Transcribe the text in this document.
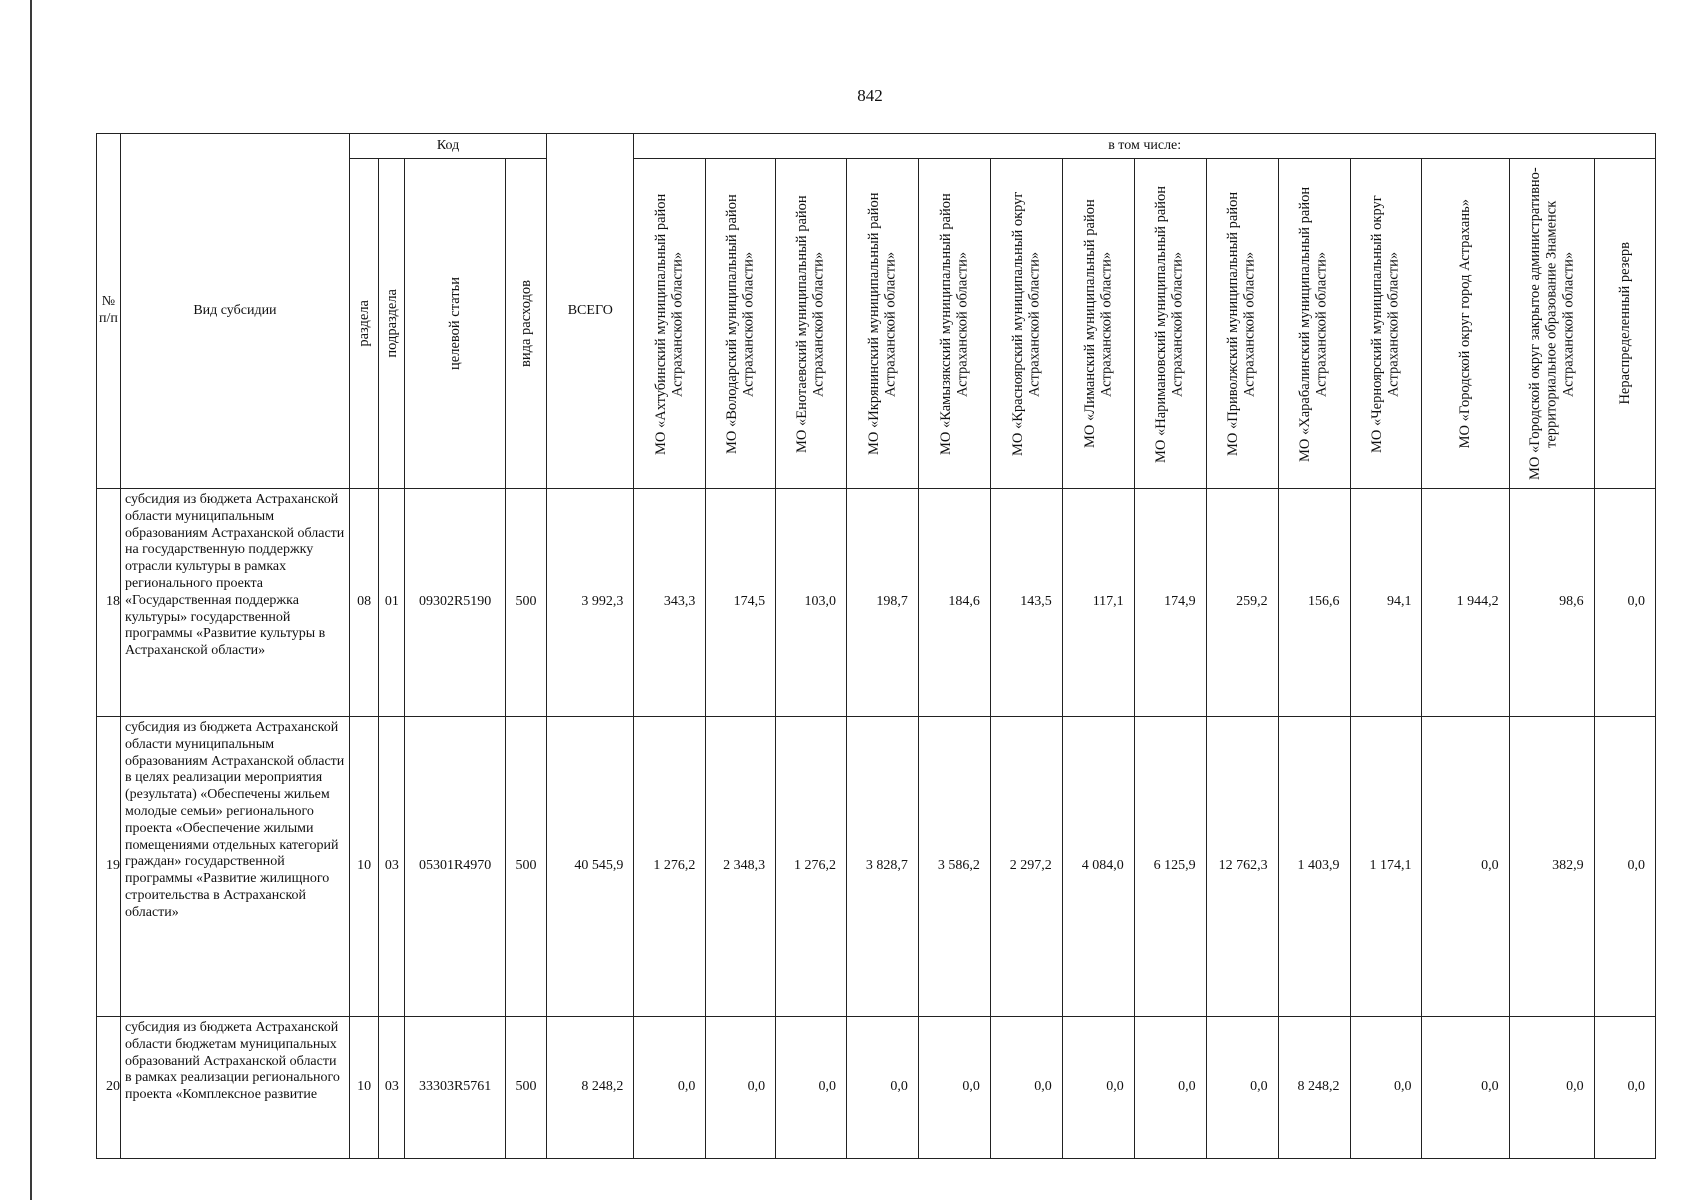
842
№ п/п	Вид субсидии	Код				ВСЕГО	в том числе:													

		раздела	подраздела	целевой статьи	вида расходов		МО «Ахтубинский муниципальный район Астраханской области»	МО «Володарский муниципальный район Астраханской области»	МО «Енотаевский муниципальный район Астраханской области»	МО «Икрянинский муниципальный район Астраханской области»	МО «Камызякский муниципальный район Астраханской области»	МО «Красноярский муниципальный округ Астраханской области»	МО «Лиманский муниципальный район Астраханской области»	МО «Наримановский муниципальный район Астраханской области»	МО «Приволжский муниципальный район Астраханской области»	МО «Харабалинский муниципальный район Астраханской области»	МО «Черноярский муниципальный округ Астраханской области»	МО «Городской округ город Астрахань»	МО «Городской округ закрытое административно-территориальное образование Знаменск Астраханской области»	Нераспределенный резерв

18	субсидия из бюджета Астраханской области муниципальным образованиям Астраханской области на государственную поддержку отрасли культуры в рамках регионального проекта «Государственная поддержка культуры» государственной программы «Развитие культуры в Астраханской области»	08	01	09302R5190	500	3 992,3	343,3	174,5	103,0	198,7	184,6	143,5	117,1	174,9	259,2	156,6	94,1	1 944,2	98,6	0,0
19	субсидия из бюджета Астраханской области муниципальным образованиям Астраханской области в целях реализации мероприятия (результата) «Обеспечены жильем молодые семьи» регионального проекта «Обеспечение жилыми помещениями отдельных категорий граждан» государственной программы «Развитие жилищного строительства в Астраханской области»	10	03	05301R4970	500	40 545,9	1 276,2	2 348,3	1 276,2	3 828,7	3 586,2	2 297,2	4 084,0	6 125,9	12 762,3	1 403,9	1 174,1	0,0	382,9	0,0
20	субсидия из бюджета Астраханской области бюджетам муниципальных образований Астраханской области в рамках реализации регионального проекта «Комплексное развитие	10	03	33303R5761	500	8 248,2	0,0	0,0	0,0	0,0	0,0	0,0	0,0	0,0	0,0	8 248,2	0,0	0,0	0,0	0,0
